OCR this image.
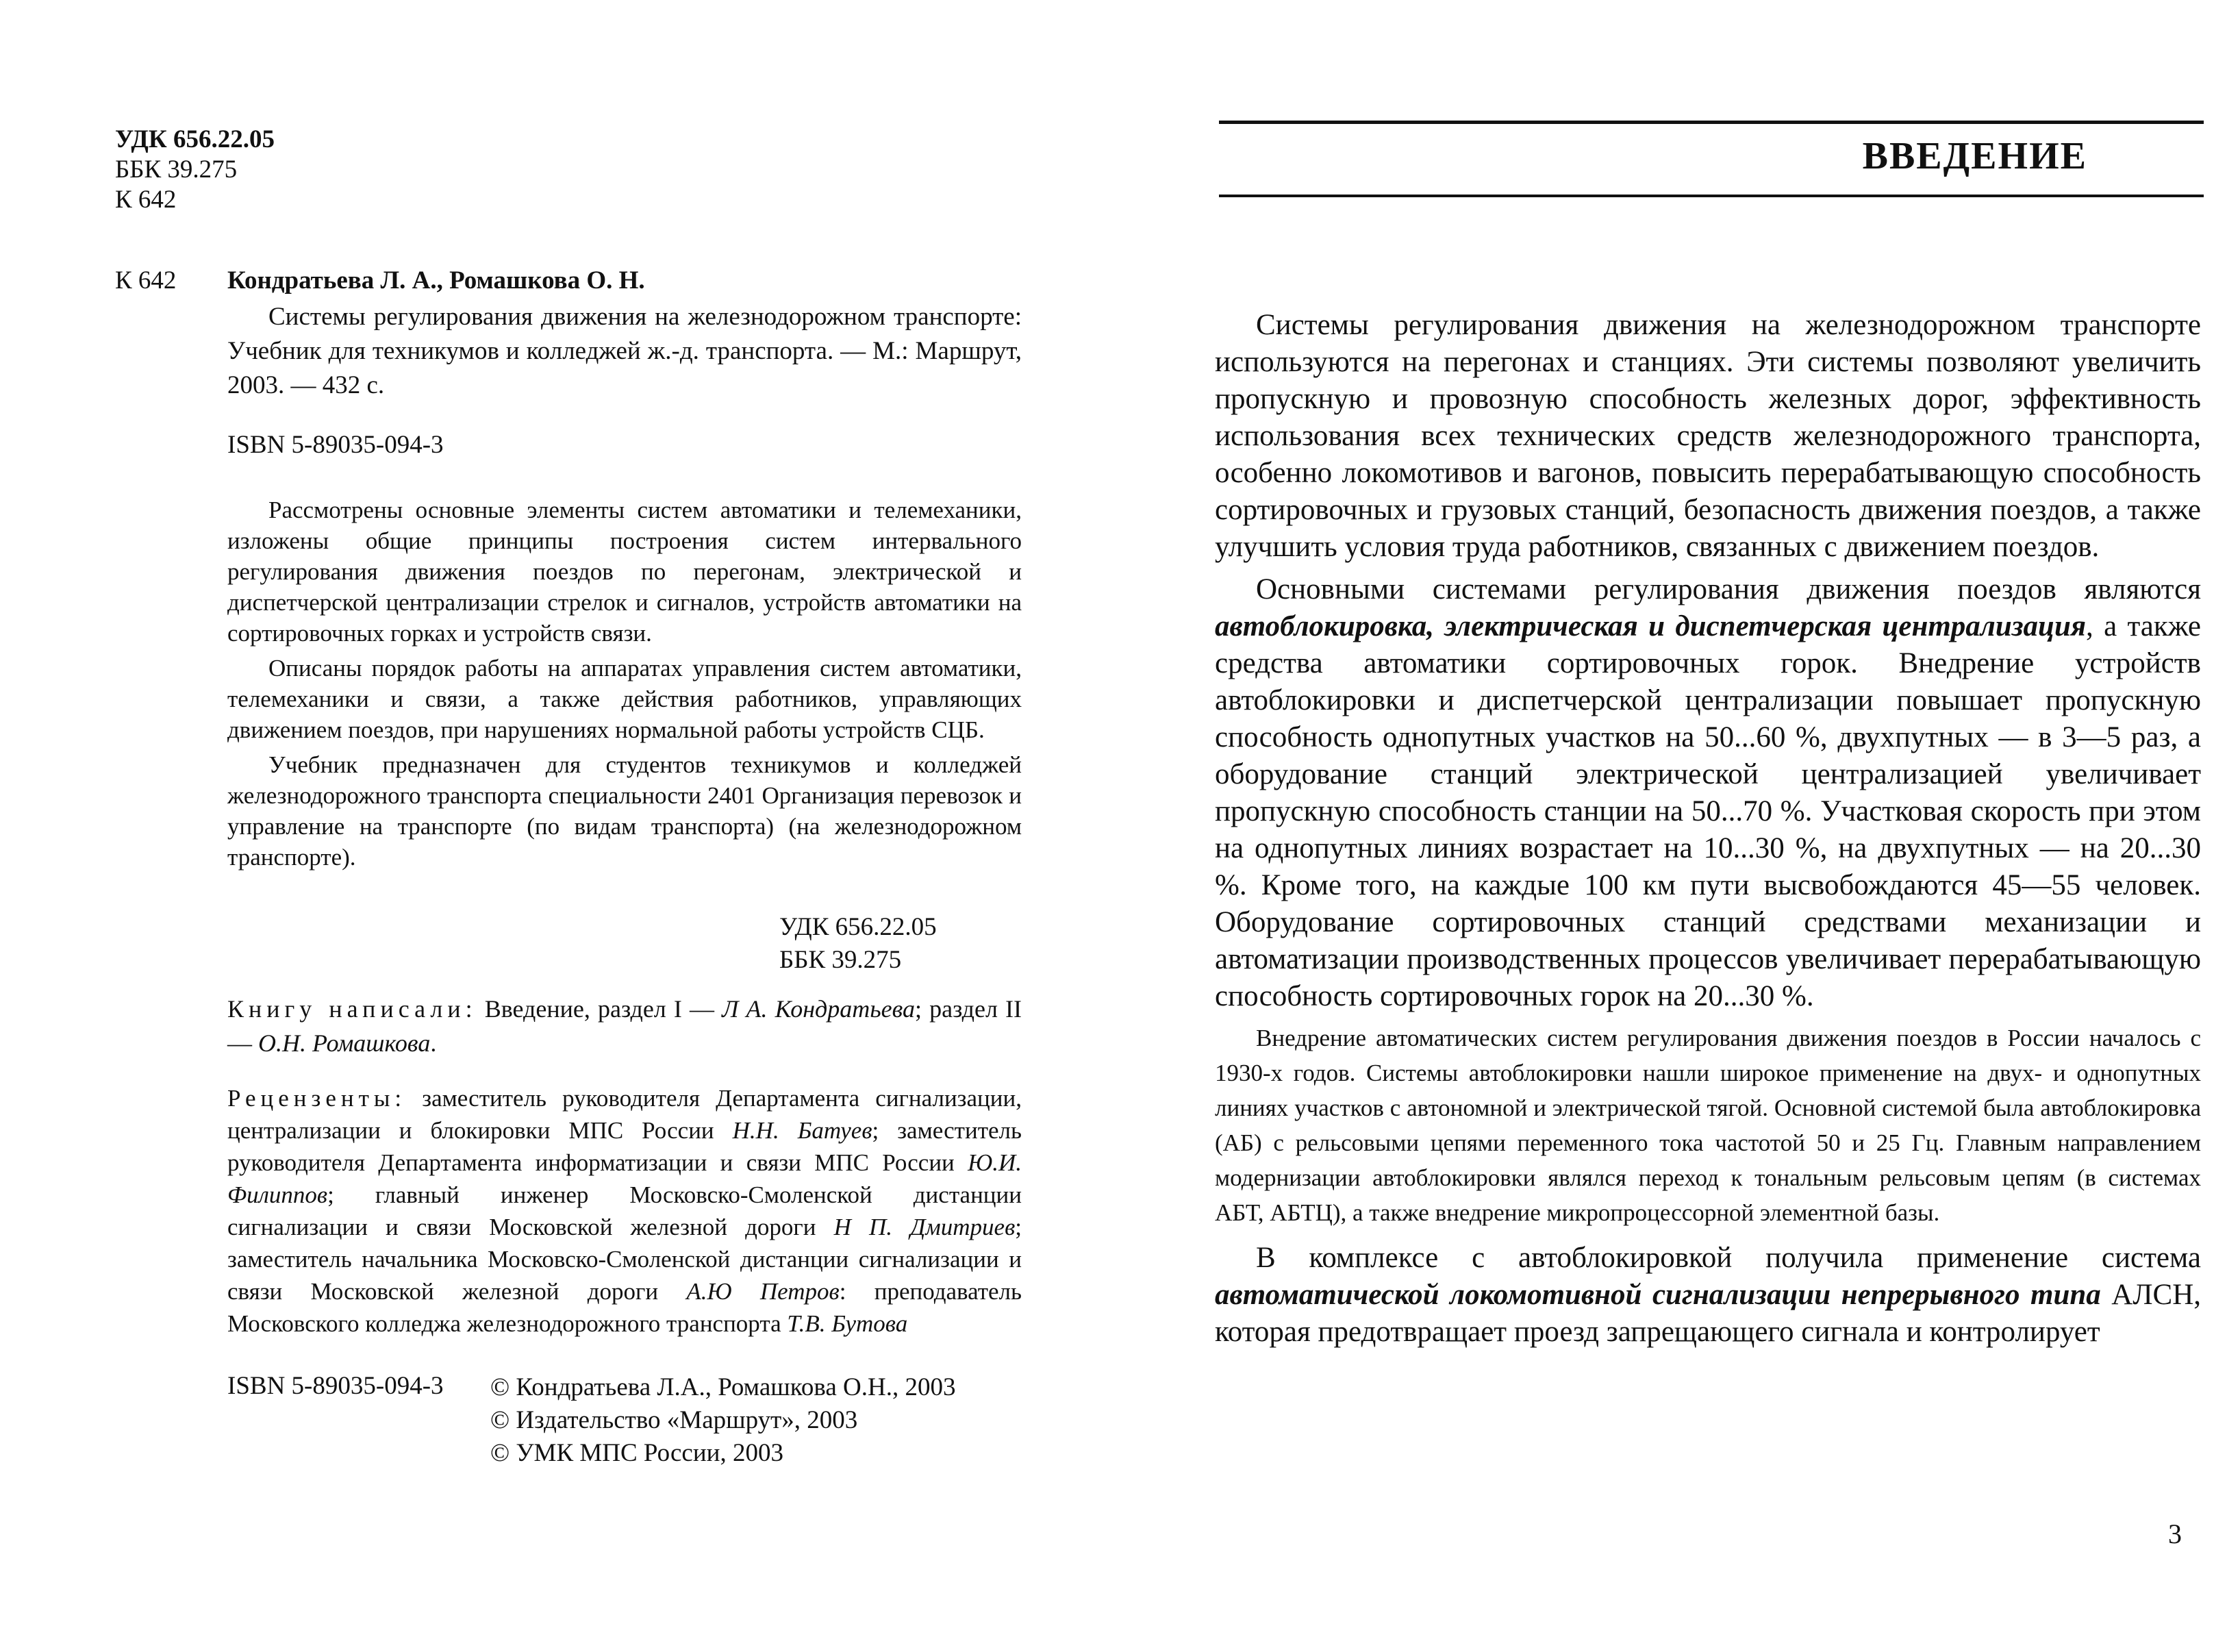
УДК 656.22.05
ББК 39.275
К 642
К 642 Кондратьева Л. А., Ромашкова О. Н.

Системы регулирования движения на железнодорожном транспорте: Учебник для техникумов и колледжей ж.-д. транспорта. — М.: Маршрут, 2003. — 432 с.

ISBN 5-89035-094-3

Рассмотрены основные элементы систем автоматики и телемеханики, изложены общие принципы построения систем интервального регулирования движения поездов по перегонам, электрической и диспетчерской централизации стрелок и сигналов, устройств автоматики на сортировочных горках и устройств связи.

Описаны порядок работы на аппаратах управления систем автоматики, телемеханики и связи, а также действия работников, управляющих движением поездов, при нарушениях нормальной работы устройств СЦБ.

Учебник предназначен для студентов техникумов и колледжей железнодорожного транспорта специальности 2401 Организация перевозок и управление на транспорте (по видам транспорта) (на железнодорожном транспорте).

УДК 656.22.05
ББК 39.275
Книгу написали: Введение, раздел I — Л А. Кондратьева; раздел II— О.Н. Ромашкова.
Рецензенты: заместитель руководителя Департамента сигнализации, централизации и блокировки МПС России Н.Н. Батуев; заместитель руководителя Департамента информатизации и связи МПС России Ю.И. Филиппов; главный инженер Московско-Смоленской дистанции сигнализации и связи Московской железной дороги Н П. Дмитриев; заместитель начальника Московско-Смоленской дистанции сигнализации и связи Московской железной дороги А.Ю Петров: преподаватель Московского колледжа железнодорожного транспорта Т.В. Бутова
ISBN 5-89035-094-3 © Кондратьева Л.А., Ромашкова О.Н., 2003
© Издательство «Маршрут», 2003
© УМК МПС России, 2003
ВВЕДЕНИЕ

Системы регулирования движения на железнодорожном транспорте используются на перегонах и станциях. Эти системы позволяют увеличить пропускную и провозную способность железных дорог, эффективность использования всех технических средств железнодорожного транспорта, особенно локомотивов и вагонов, повысить перерабатывающую способность сортировочных и грузовых станций, безопасность движения поездов, а также улучшить условия труда работников, связанных с движением поездов.

Основными системами регулирования движения поездов являются автоблокировка, электрическая и диспетчерская централизация, а также средства автоматики сортировочных горок. Внедрение устройств автоблокировки и диспетчерской централизации повышает пропускную способность однопутных участков на 50...60 %, двухпутных — в 3—5 раз, а оборудование станций электрической централизацией увеличивает пропускную способность станции на 50...70 %. Участковая скорость при этом на однопутных линиях возрастает на 10...30 %, на двухпутных — на 20...30 %. Кроме того, на каждые 100 км пути высвобождаются 45—55 человек. Оборудование сортировочных станций средствами механизации и автоматизации производственных процессов увеличивает перерабатывающую способность сортировочных горок на 20...30 %.

Внедрение автоматических систем регулирования движения поездов в России началось с 1930-х годов. Системы автоблокировки нашли широкое применение на двух- и однопутных линиях участков с автономной и электрической тягой. Основной системой была автоблокировка (АБ) с рельсовыми цепями переменного тока частотой 50 и 25 Гц. Главным направлением модернизации автоблокировки являлся переход к тональным рельсовым цепям (в системах АБТ, АБТЦ), а также внедрение микропроцессорной элементной базы.

В комплексе с автоблокировкой получила применение система автоматической локомотивной сигнализации непрерывного типа АЛСН, которая предотвращает проезд запрещающего сигнала и контролирует

3
